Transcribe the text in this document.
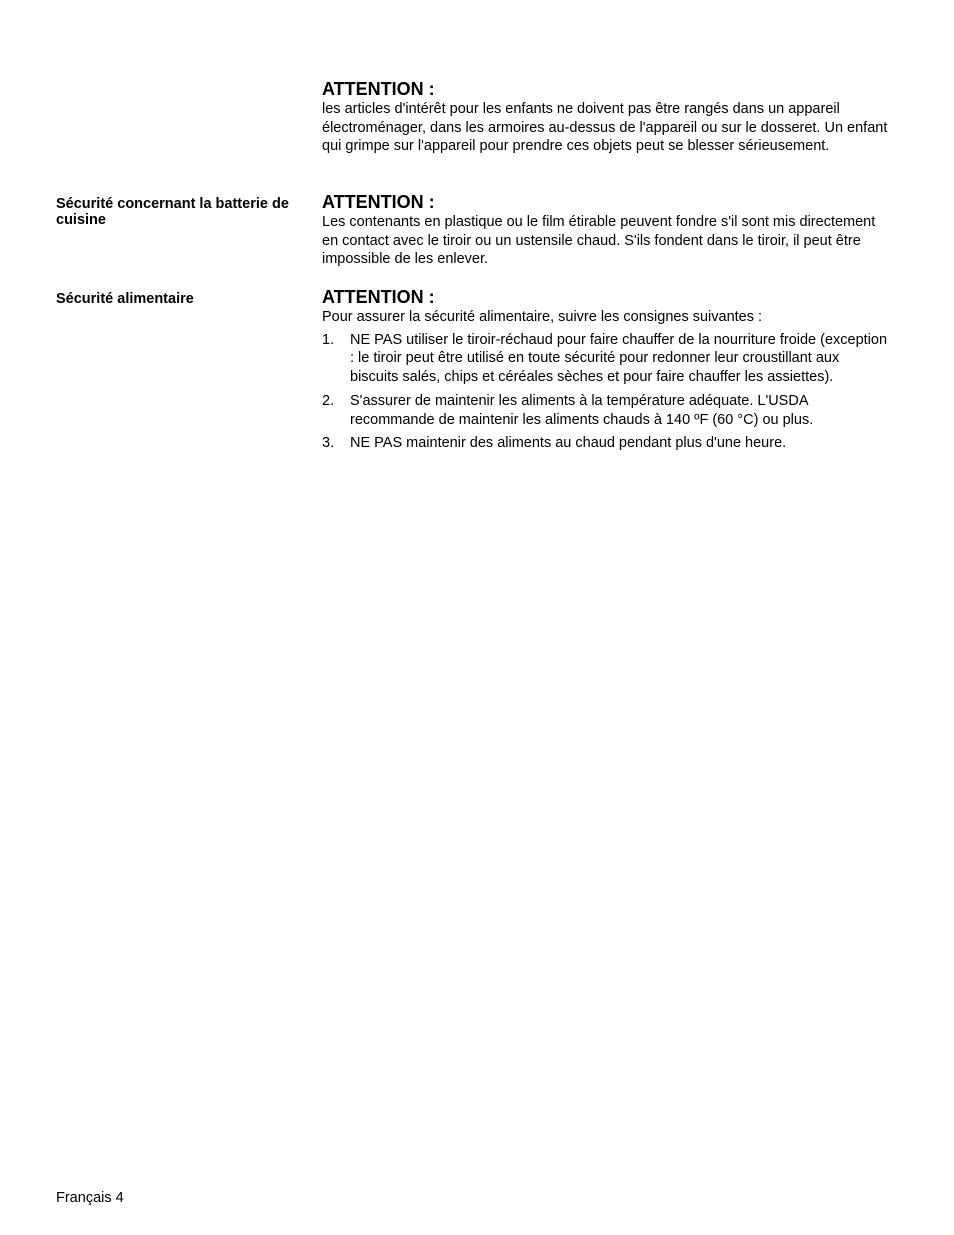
ATTENTION :

les articles d'intérêt pour les enfants ne doivent pas être rangés dans un appareil électroménager, dans les armoires au-dessus de l'appareil ou sur le dosseret. Un enfant qui grimpe sur l'appareil pour prendre ces objets peut se blesser sérieusement.

Sécurité concernant la batterie de cuisine

ATTENTION :

Les contenants en plastique ou le film étirable peuvent fondre s'il sont mis directement en contact avec le tiroir ou un ustensile chaud. S'ils fondent dans le tiroir, il peut être impossible de les enlever.

Sécurité alimentaire	ATTENTION :

Pour assurer la sécurité alimentaire, suivre les consignes suivantes :

1. NE PAS utiliser le tiroir-réchaud pour faire chauffer de la nourriture froide (exception : le tiroir peut être utilisé en toute sécurité pour redonner leur croustillant aux biscuits salés, chips et céréales sèches et pour faire chauffer les assiettes).
2. S'assurer de maintenir les aliments à la température adéquate. L'USDA recommande de maintenir les aliments chauds à 140 ºF (60 °C) ou plus.
3. NE PAS maintenir des aliments au chaud pendant plus d'une heure.
Français 4
